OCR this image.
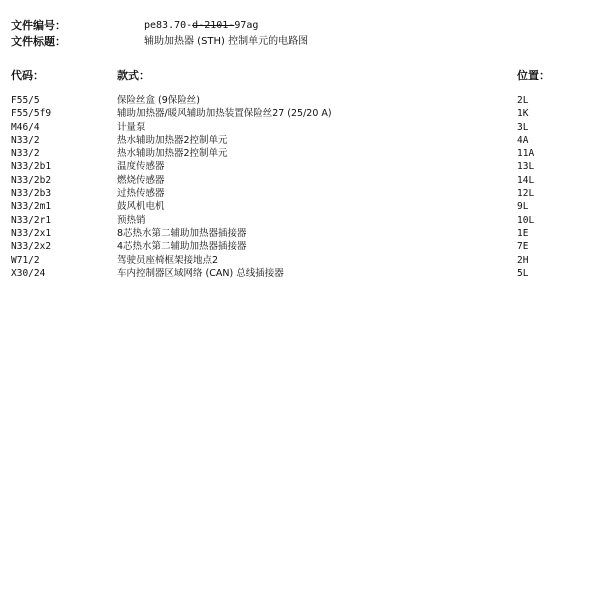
文件编号：	pe83.70-d-2101-97ag
文件标题：	辅助加热器 (STH) 控制单元的电路图
代码：	款式：	位置：
F55/5	保险丝盒 (9保险丝)	2L
F55/5f9	辅助加热器/暖风辅助加热装置保险丝27 (25/20 A)	1K
M46/4	计量泵	3L
N33/2	热水辅助加热器2控制单元	4A
N33/2	热水辅助加热器2控制单元	11A
N33/2b1	温度传感器	13L
N33/2b2	燃烧传感器	14L
N33/2b3	过热传感器	12L
N33/2m1	鼓风机电机	9L
N33/2r1	预热销	10L
N33/2x1	8芯热水第二辅助加热器插接器	1E
N33/2x2	4芯热水第二辅助加热器插接器	7E
W71/2	驾驶员座椅框架接地点2	2H
X30/24	车内控制器区域网络 (CAN) 总线插接器	5L
